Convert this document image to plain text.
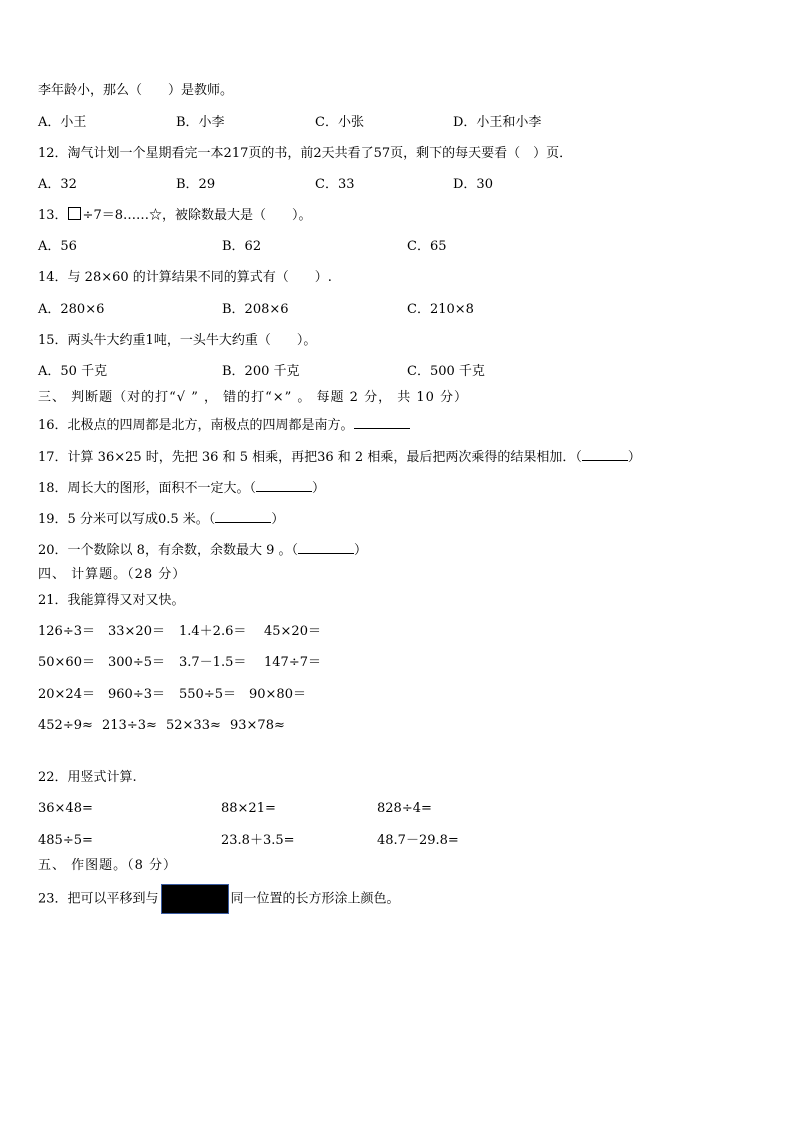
李年龄小，那么（　　）是教师。
A．小王	B．小李	C．小张	D．小王和小李
12．淘气计划一个星期看完一本217页的书，前2天共看了57页，剩下的每天要看（　）页．
A．32	B．29	C．33	D．30
13． ÷7＝8……☆，被除数最大是（　　）。
A．56	B．62	C．65
14．与 28×60 的计算结果不同的算式有（　　）.
A．280×6	B．208×6	C．210×8
15．两头牛大约重1吨，一头牛大约重（　　）。
A．50 千克	B．200 千克	C．500 千克
三、 判断题（对的打“√ ” ， 错的打“×” 。 每题 2 分， 共 10 分）
16．北极点的四周都是北方，南极点的四周都是南方。
17．计算 36×25 时，先把 36 和 5 相乘，再把36 和 2 相乘，最后把两次乘得的结果相加．（	）
18．周长大的图形，面积不一定大。（	）
19．5 分米可以写成0.5 米。（	）
20．一个数除以 8，有余数，余数最大 9 。（	）
四、 计算题。（28 分）
21．我能算得又对又快。
126÷3＝ 33×20＝ 1.4＋2.6＝ 45×20＝
50×60＝ 300÷5＝ 3.7－1.5＝ 147÷7＝
20×24＝ 960÷3＝ 550÷5＝ 90×80＝
452÷9≈ 213÷3≈ 52×33≈ 93×78≈
22．用竖式计算.
36×48=	88×21=	828÷4=
485÷5=	23.8＋3.5=	48.7－29.8=
五、 作图题。（8 分）
23．把可以平移到与	同一位置的长方形涂上颜色。
